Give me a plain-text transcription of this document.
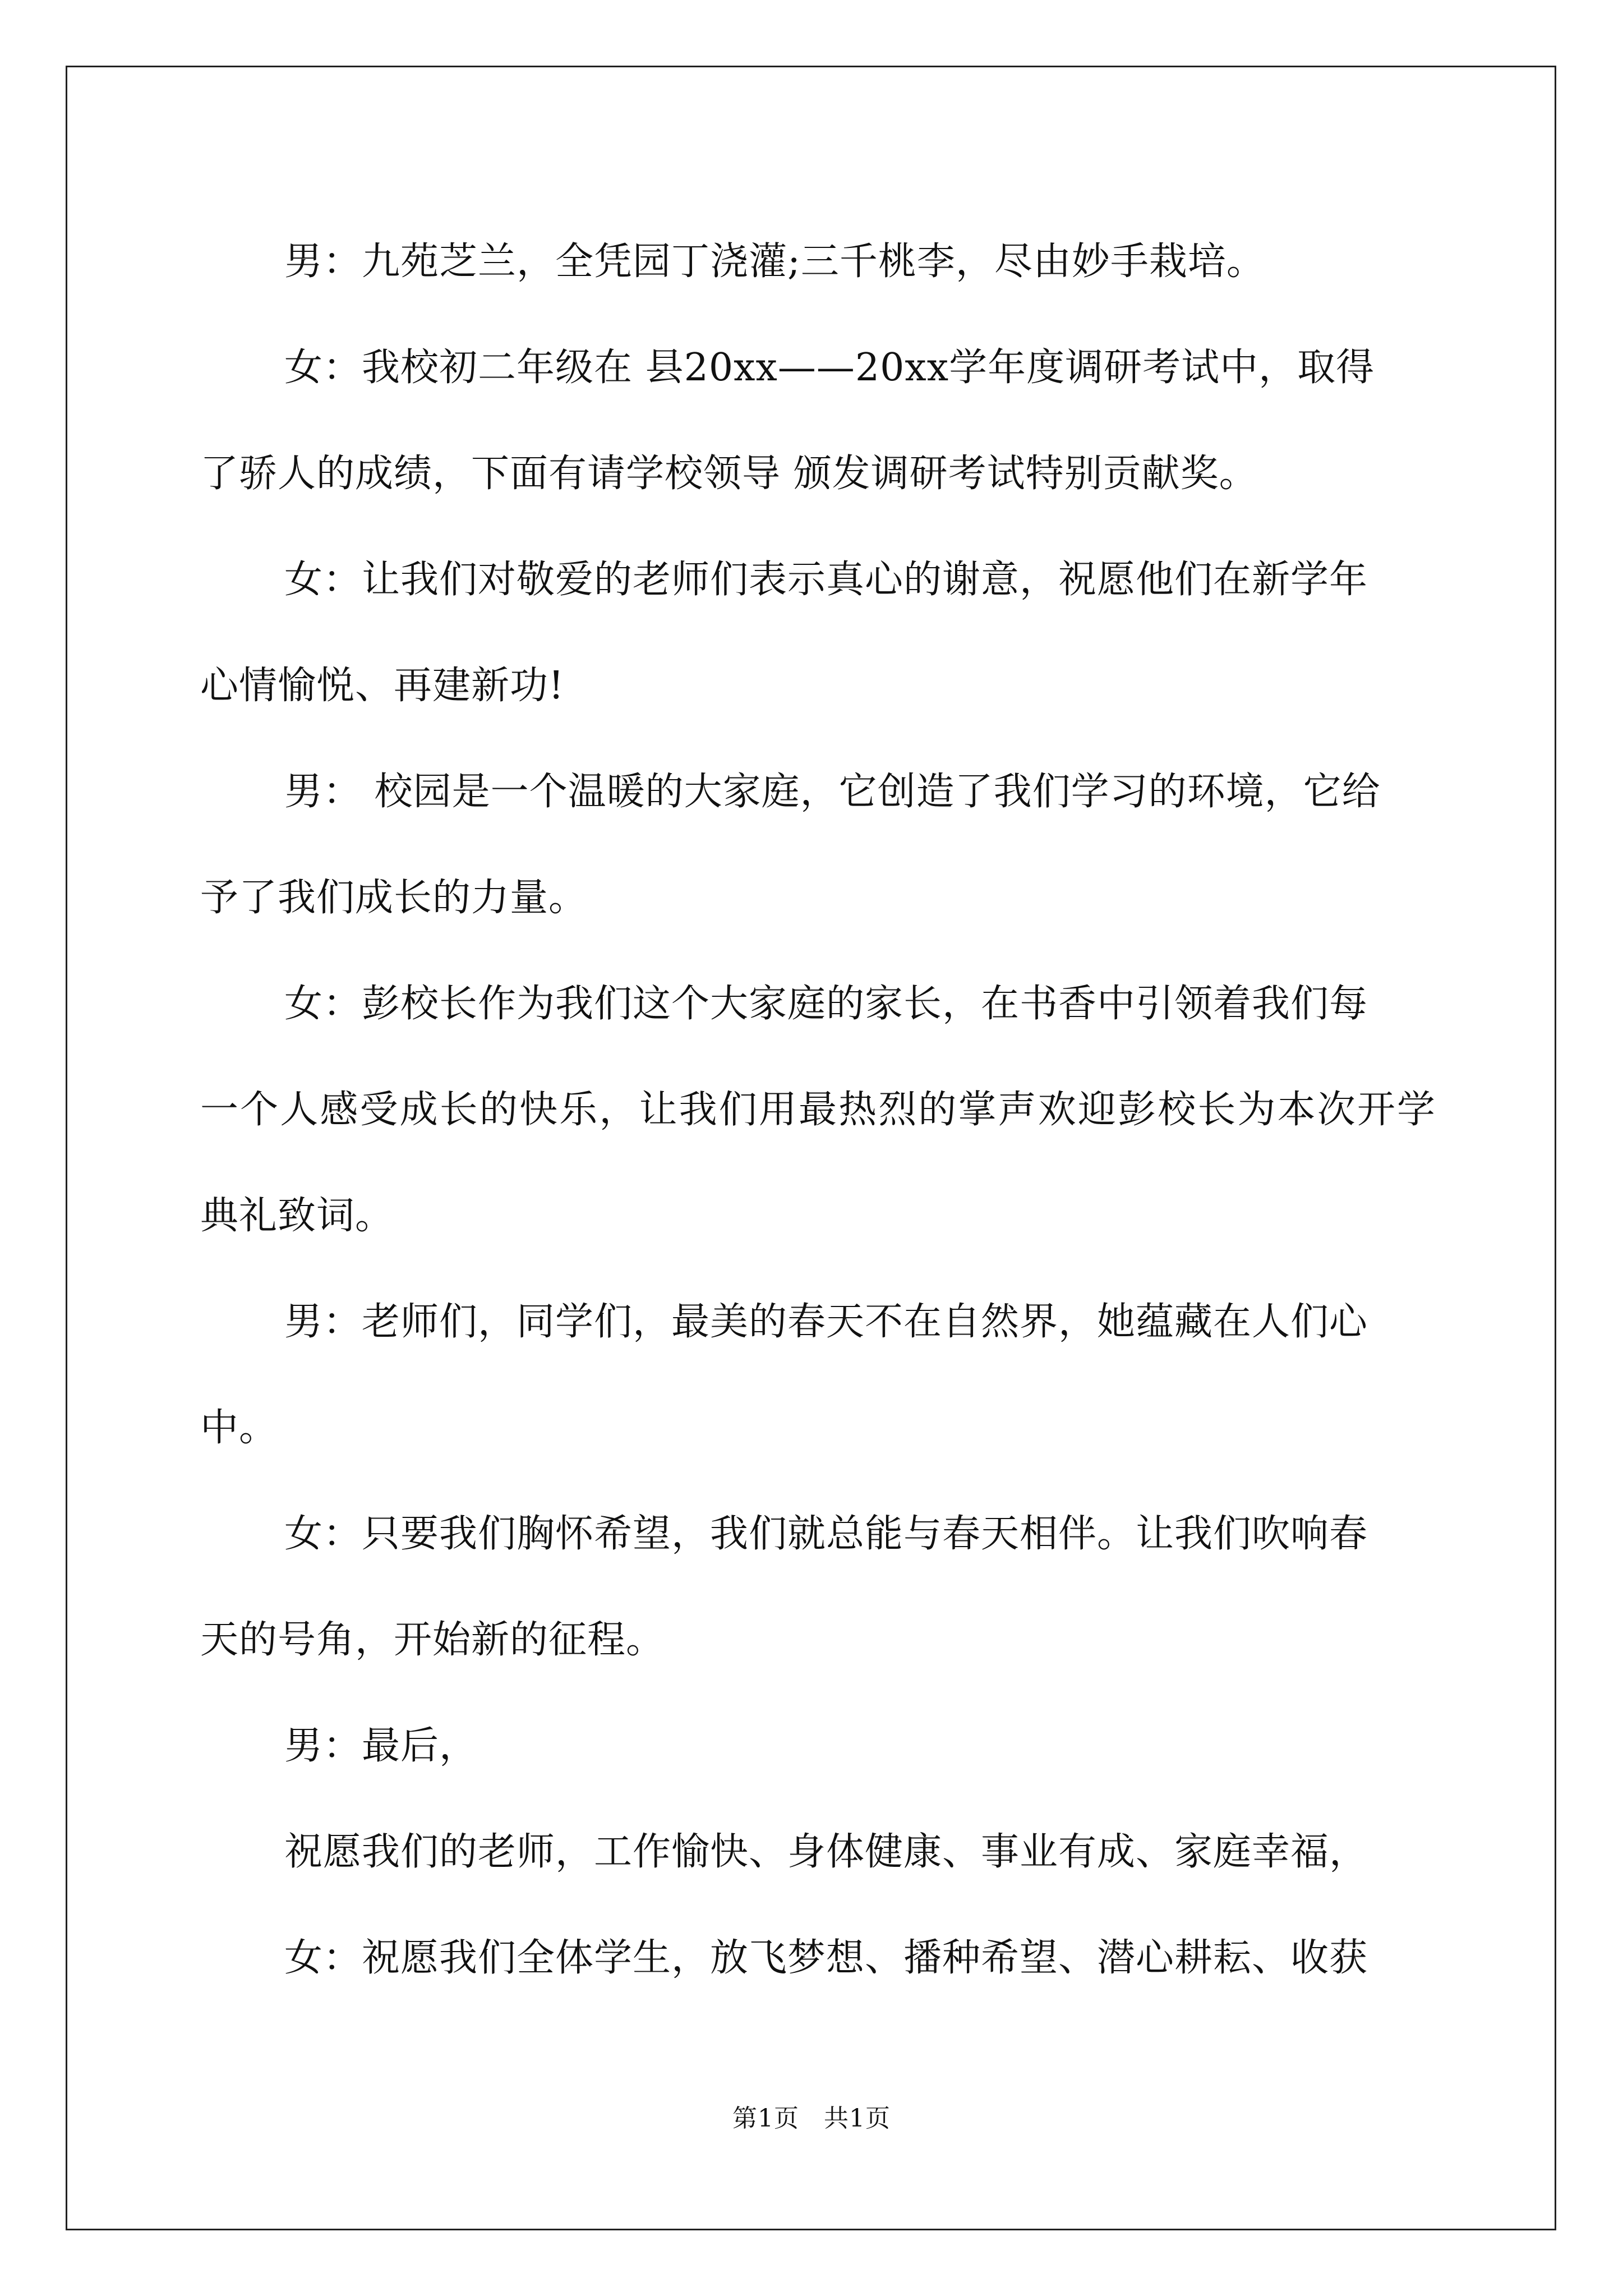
男：九苑芝兰，全凭园丁浇灌;三千桃李，尽由妙手栽培。

女：我校初二年级在 县20xx——20xx学年度调研考试中，取得
了骄人的成绩，下面有请学校领导 颁发调研考试特别贡献奖。

女：让我们对敬爱的老师们表示真心的谢意，祝愿他们在新学年
心情愉悦、再建新功!

男： 校园是一个温暖的大家庭，它创造了我们学习的环境，它给
予了我们成长的力量。

女：彭校长作为我们这个大家庭的家长，在书香中引领着我们每
一个人感受成长的快乐，让我们用最热烈的掌声欢迎彭校长为本次开学典礼致词。

男：老师们，同学们，最美的春天不在自然界，她蕴藏在人们心
中。

女：只要我们胸怀希望，我们就总能与春天相伴。让我们吹响春
天的号角，开始新的征程。

男：最后，

祝愿我们的老师，工作愉快、身体健康、事业有成、家庭幸福，

女：祝愿我们全体学生，放飞梦想、播种希望、潜心耕耘、收获

第1页 共1页
